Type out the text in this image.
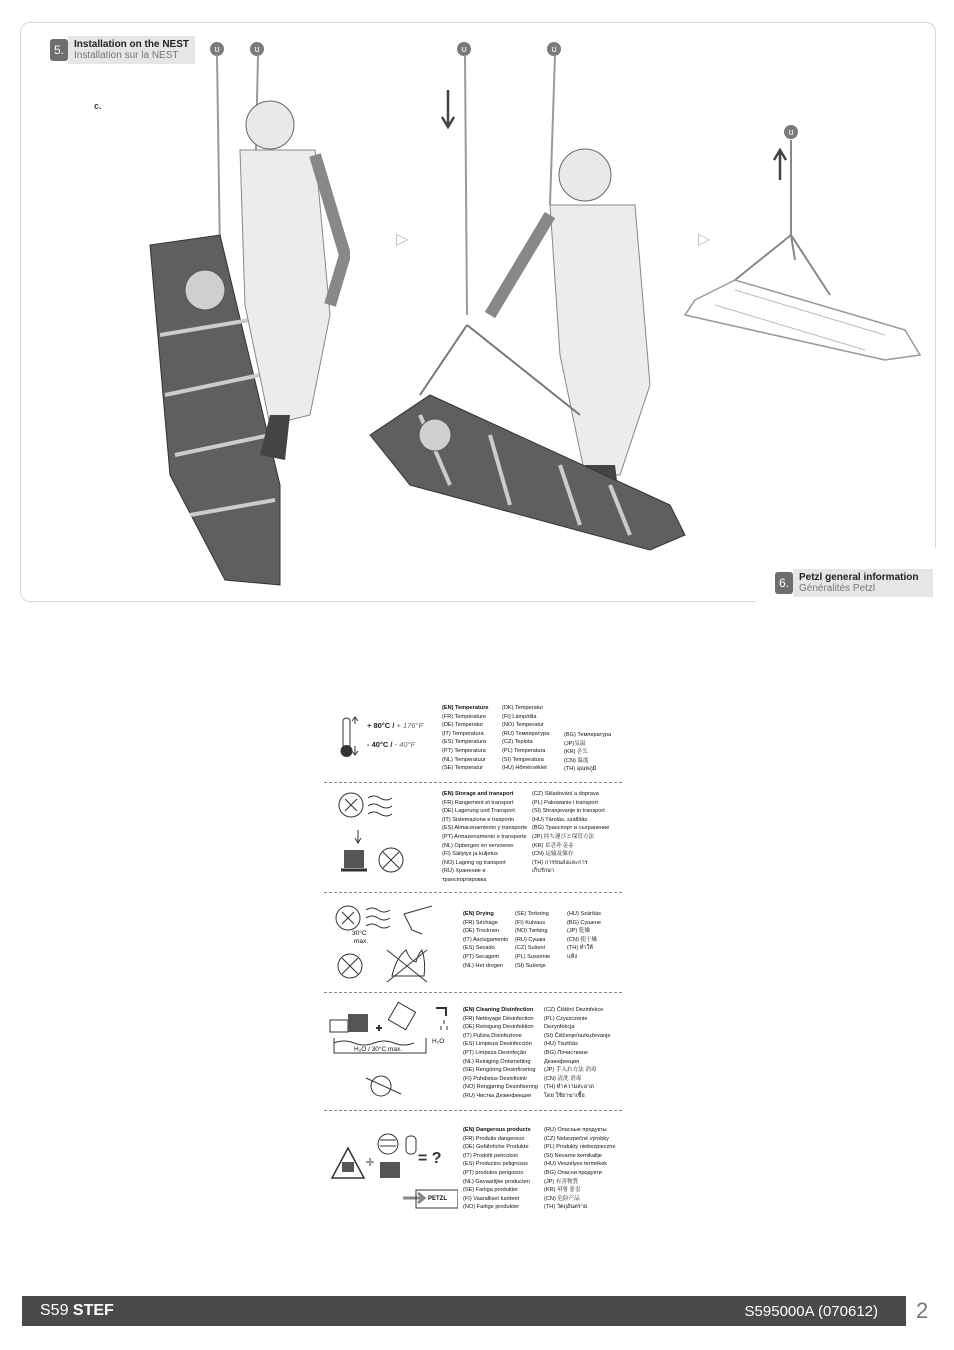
5.	Installation on the NEST
Installation sur la NEST
c.
ʊ	ʊ	ʊ	ʊ
ʊ
▷	▷
6.	Petzl general information
Généralités Petzl
+ 80°C / + 176°F
- 40°C / - 40°F
(EN) Temperature
(FR) Température
(DE) Temperatur
(IT) Temperatura
(ES) Temperatura
(PT) Temperatura
(NL) Temperatuur
(SE) Temperatur
(DK) Temperatur
(FI) Lämpötila
(NO) Temperatur
(RU) Температура
(CZ) Teplota
(PL) Temperatura
(SI) Temperatura
(HU) Hőmérséklet
(BG) Температура
(JP)気温
(KR) 온도
(CN) 温度
(TH) อุณหภูมิ
(EN) Storage and transport
(FR) Rangement et transport
(DE) Lagerung und Transport
(IT) Sistemazione e trasporto
(ES) Almacenamiento y transporte
(PT) Armazenamento e transporte
(NL) Opbergen en vervoeren
(FI) Säilytys ja kuljetus
(NO) Lagring og transport
(RU) Хранение и
транспортировка
(CZ) Skladování a doprava
(PL) Pakowanie i transport
(SI) Shranjevanje in transport
(HU) Tárolás, szállítás
(BG) Транспорт и съхранение
(JP) 持ち運びと保管方法
(KR) 보관과 운송
(CN) 运输及储存
(TH) การขนส่งและการ
เก็บรักษา
30°C
max.
(EN) Drying
(FR) Séchage
(DE) Trocknen
(IT) Asciugamento
(ES) Secado
(PT) Secagem
(NL) Het drogen
(SE) Torkning
(FI) Kuivaus
(NO) Tørking
(RU) Сушка
(CZ) Sušení
(PL) Suszenie
(SI) Sušenje
(HU) Szárítás
(BG) Сушене
(JP) 乾燥
(CN) 使干燥
(TH) ทำให้
แห้ง
H₂O / 30°C max.
H₂O
(EN) Cleaning Disinfection
(FR) Nettoyage Désinfection
(DE) Reinigung Desinfektion
(IT) Pulizia Disinfezione
(ES) Limpieza Desinfección
(PT) Limpeza Desinfeção
(NL) Reiniging Ontsmetting
(SE) Rengöring Desinficering
(FI) Puhdistus Desinfiointi
(NO) Rengjøring Desinfisering
(RU) Чистка Дезинфекция
(CZ) Čištění Dezinfekce
(PL) Czyszczenie
Dezynfekcja
(SI) Čiščenje/razkuževanje
(HU) Tisztítás
(BG) Почистване
Дезинфекция
(JP) 手入れ方法 消毒
(CN) 清洗 消毒
(TH) ทำความสะอาด
โดย ใช้ยาฆ่าเชื้อ
= ?
PETZL
(EN) Dangerous products
(FR) Produits dangereux
(DE) Gefährliche Produkte
(IT) Prodotti pericolosi
(ES) Productos peligrosos
(PT) produtos perigosos
(NL) Gevaarlijke producten
(SE) Farliga produkter
(FI) Vaaralliset tuotteet
(NO) Farlige produkter
(RU) Опасные продукты
(CZ) Nebezpečné výrobky
(PL) Produkty niebezpieczne
(SI) Nevarne kemikalije
(HU) Veszélyes termékek
(BG) Опасни продукти
(JP) 有害物質
(KR) 위험 물질
(CN) 危险产品
(TH) วัตถุอันตราย
S59 STEF	S595000A (070612) 2
